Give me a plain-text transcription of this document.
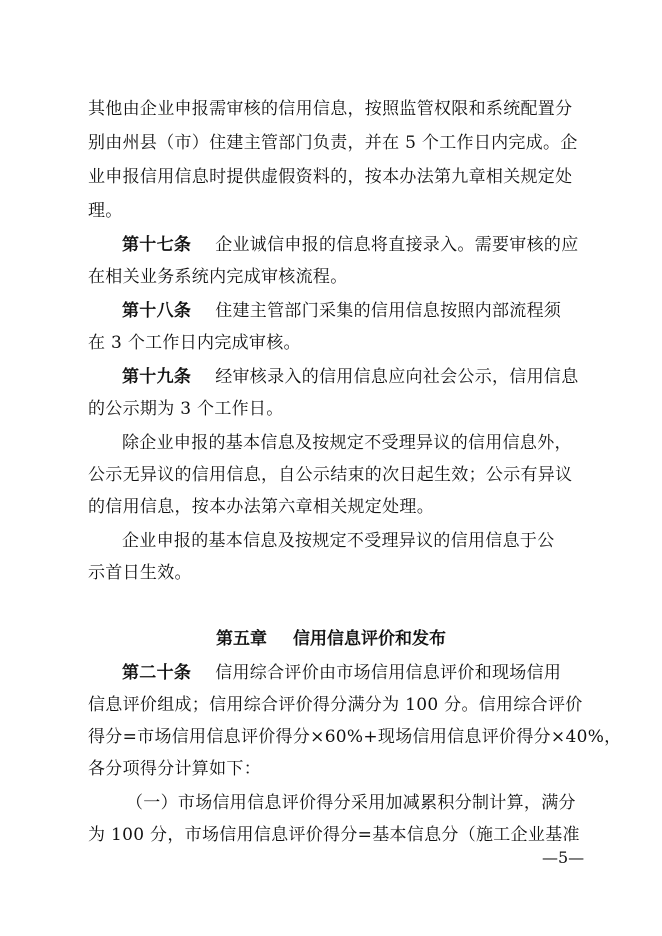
其他由企业申报需审核的信用信息，按照监管权限和系统配置分
别由州县（市）住建主管部门负责，并在 5 个工作日内完成。企
业申报信用信息时提供虚假资料的，按本办法第九章相关规定处
理。
第十七条 企业诚信申报的信息将直接录入。需要审核的应
在相关业务系统内完成审核流程。
第十八条 住建主管部门采集的信用信息按照内部流程须
在 3 个工作日内完成审核。
第十九条 经审核录入的信用信息应向社会公示，信用信息
的公示期为 3 个工作日。
除企业申报的基本信息及按规定不受理异议的信用信息外，
公示无异议的信用信息，自公示结束的次日起生效；公示有异议
的信用信息，按本办法第六章相关规定处理。
企业申报的基本信息及按规定不受理异议的信用信息于公
示首日生效。
第五章 信用信息评价和发布
第二十条 信用综合评价由市场信用信息评价和现场信用
信息评价组成；信用综合评价得分满分为 100 分。信用综合评价
得分=市场信用信息评价得分×60%+现场信用信息评价得分×40%，
各分项得分计算如下：
（一）市场信用信息评价得分采用加减累积分制计算，满分
为 100 分，市场信用信息评价得分=基本信息分（施工企业基准
—5—
